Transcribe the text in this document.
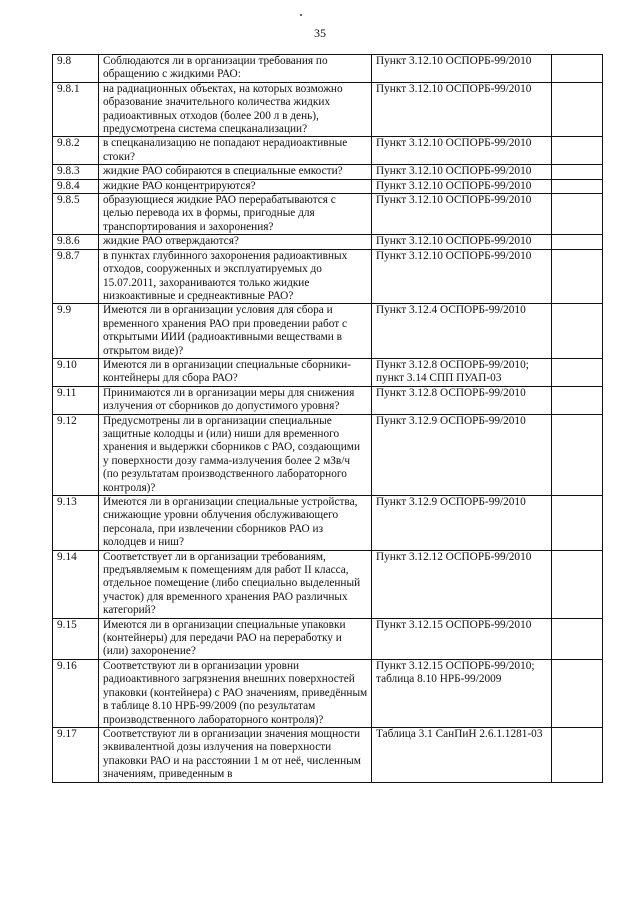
35
9.8	Соблюдаются ли в организации требования по обращению с жидкими РАО:	Пункт 3.12.10 ОСПОРБ-99/2010	
9.8.1	на радиационных объектах, на которых возможно образование значительного количества жидких радиоактивных отходов (более 200 л в день), предусмотрена система спецканализации?	Пункт 3.12.10 ОСПОРБ-99/2010	
9.8.2	в спецканализацию не попадают нерадиоактивные стоки?	Пункт 3.12.10 ОСПОРБ-99/2010	
9.8.3	жидкие РАО собираются в специальные емкости?	Пункт 3.12.10 ОСПОРБ-99/2010	
9.8.4	жидкие РАО концентрируются?	Пункт 3.12.10 ОСПОРБ-99/2010	
9.8.5	образующиеся жидкие РАО перерабатываются с целью перевода их в формы, пригодные для транспортирования и захоронения?	Пункт 3.12.10 ОСПОРБ-99/2010	
9.8.6	жидкие РАО отверждаются?	Пункт 3.12.10 ОСПОРБ-99/2010	
9.8.7	в пунктах глубинного захоронения радиоактивных отходов, сооруженных и эксплуатируемых до 15.07.2011, захораниваются только жидкие низкоактивные и среднеактивные РАО?	Пункт 3.12.10 ОСПОРБ-99/2010	
9.9	Имеются ли в организации условия для сбора и временного хранения РАО при проведении работ с открытыми ИИИ (радиоактивными веществами в открытом виде)?	Пункт 3.12.4 ОСПОРБ-99/2010	
9.10	Имеются ли в организации специальные сборники-контейнеры для сбора РАО?	Пункт 3.12.8 ОСПОРБ-99/2010; пункт 3.14 СПП ПУАП-03	
9.11	Принимаются ли в организации меры для снижения излучения от сборников до допустимого уровня?	Пункт 3.12.8 ОСПОРБ-99/2010	
9.12	Предусмотрены ли в организации специальные защитные колодцы и (или) ниши для временного хранения и выдержки сборников с РАО, создающими у поверхности дозу гамма-излучения более 2 мЗв/ч (по результатам производственного лабораторного контроля)?	Пункт 3.12.9 ОСПОРБ-99/2010	
9.13	Имеются ли в организации специальные устройства, снижающие уровни облучения обслуживающего персонала, при извлечении сборников РАО из колодцев и ниш?	Пункт 3.12.9 ОСПОРБ-99/2010	
9.14	Соответствует ли в организации требованиям, предъявляемым к помещениям для работ II класса, отдельное помещение (либо специально выделенный участок) для временного хранения РАО различных категорий?	Пункт 3.12.12 ОСПОРБ-99/2010	
9.15	Имеются ли в организации специальные упаковки (контейнеры) для передачи РАО на переработку и (или) захоронение?	Пункт 3.12.15 ОСПОРБ-99/2010	
9.16	Соответствуют ли в организации уровни радиоактивного загрязнения внешних поверхностей упаковки (контейнера) с РАО значениям, приведённым в таблице 8.10 НРБ-99/2009 (по результатам производственного лабораторного контроля)?	Пункт 3.12.15 ОСПОРБ-99/2010; таблица 8.10 НРБ-99/2009	
9.17	Соответствуют ли в организации значения мощности эквивалентной дозы излучения на поверхности упаковки РАО и на расстоянии 1 м от неё, численным значениям, приведенным в	Таблица 3.1 СанПиН 2.6.1.1281-03	
